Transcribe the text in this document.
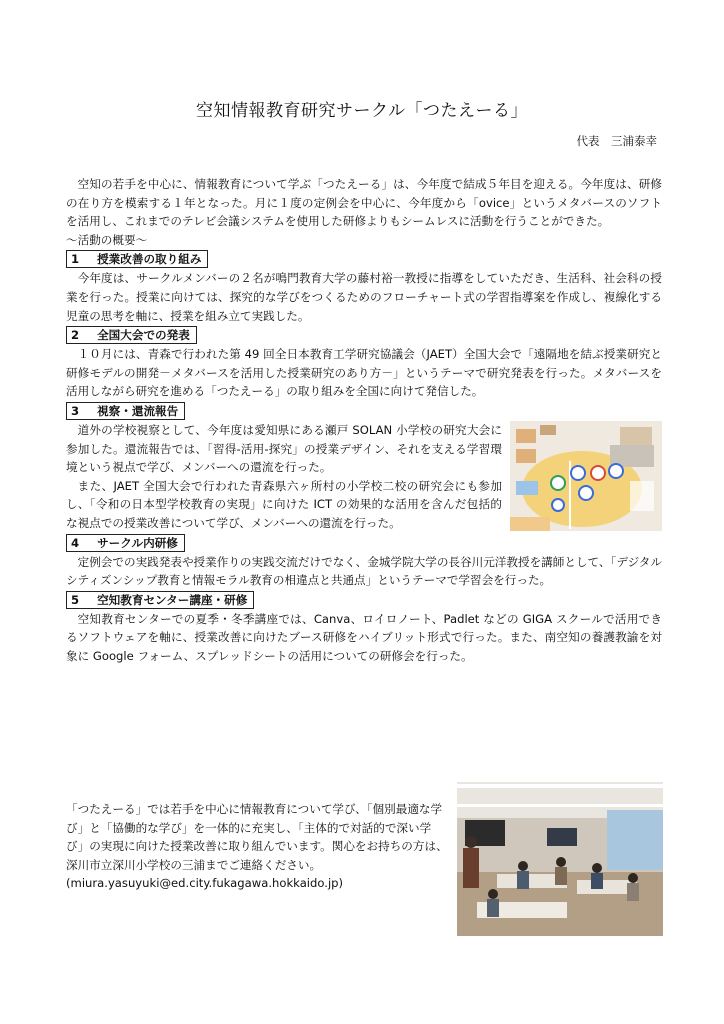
空知情報教育研究サークル「つたえーる」
代表　三浦泰幸

空知の若手を中心に、情報教育について学ぶ「つたえーる」は、今年度で結成５年目を迎える。今年度は、研修の在り方を模索する１年となった。月に１度の定例会を中心に、今年度から「ovice」というメタバースのソフトを活用し、これまでのテレビ会議システムを使用した研修よりもシームレスに活動を行うことができた。

～活動の概要～

1 授業改善の取り組み

今年度は、サークルメンバーの２名が鳴門教育大学の藤村裕一教授に指導をしていただき、生活科、社会科の授業を行った。授業に向けては、探究的な学びをつくるためのフローチャート式の学習指導案を作成し、複線化する児童の思考を軸に、授業を組み立て実践した。

2 全国大会での発表

１０月には、青森で行われた第 49 回全日本教育工学研究協議会（JAET）全国大会で「遠隔地を結ぶ授業研究と研修モデルの開発－メタバースを活用した授業研究のあり方－」というテーマで研究発表を行った。メタバースを活用しながら研究を進める「つたえーる」の取り組みを全国に向けて発信した。

3 視察・還流報告

道外の学校視察として、今年度は愛知県にある瀬戸 SOLAN 小学校の研究大会に参加した。還流報告では、「習得-活用-探究」の授業デザイン、それを支える学習環境という視点で学び、メンバーへの還流を行った。

また、JAET 全国大会で行われた青森県六ヶ所村の小学校二校の研究会にも参加し、「令和の日本型学校教育の実現」に向けた ICT の効果的な活用を含んだ包括的な視点での授業改善について学び、メンバーへの還流を行った。

4 サークル内研修

定例会での実践発表や授業作りの実践交流だけでなく、金城学院大学の長谷川元洋教授を講師として、「デジタルシティズンシップ教育と情報モラル教育の相違点と共通点」というテーマで学習会を行った。

5 空知教育センター講座・研修

空知教育センターでの夏季・冬季講座では、Canva、ロイロノート、Padlet などの GIGA スクールで活用できるソフトウェアを軸に、授業改善に向けたブース研修をハイブリット形式で行った。また、南空知の養護教諭を対象に Google フォーム、スプレッドシートの活用についての研修会を行った。

「つたえーる」では若手を中心に情報教育について学び、「個別最適な学び」と「協働的な学び」を一体的に充実し、「主体的で対話的で深い学び」の実現に向けた授業改善に取り組んでいます。関心をお持ちの方は、深川市立深川小学校の三浦までご連絡ください。

(miura.yasuyuki@ed.city.fukagawa.hokkaido.jp)
